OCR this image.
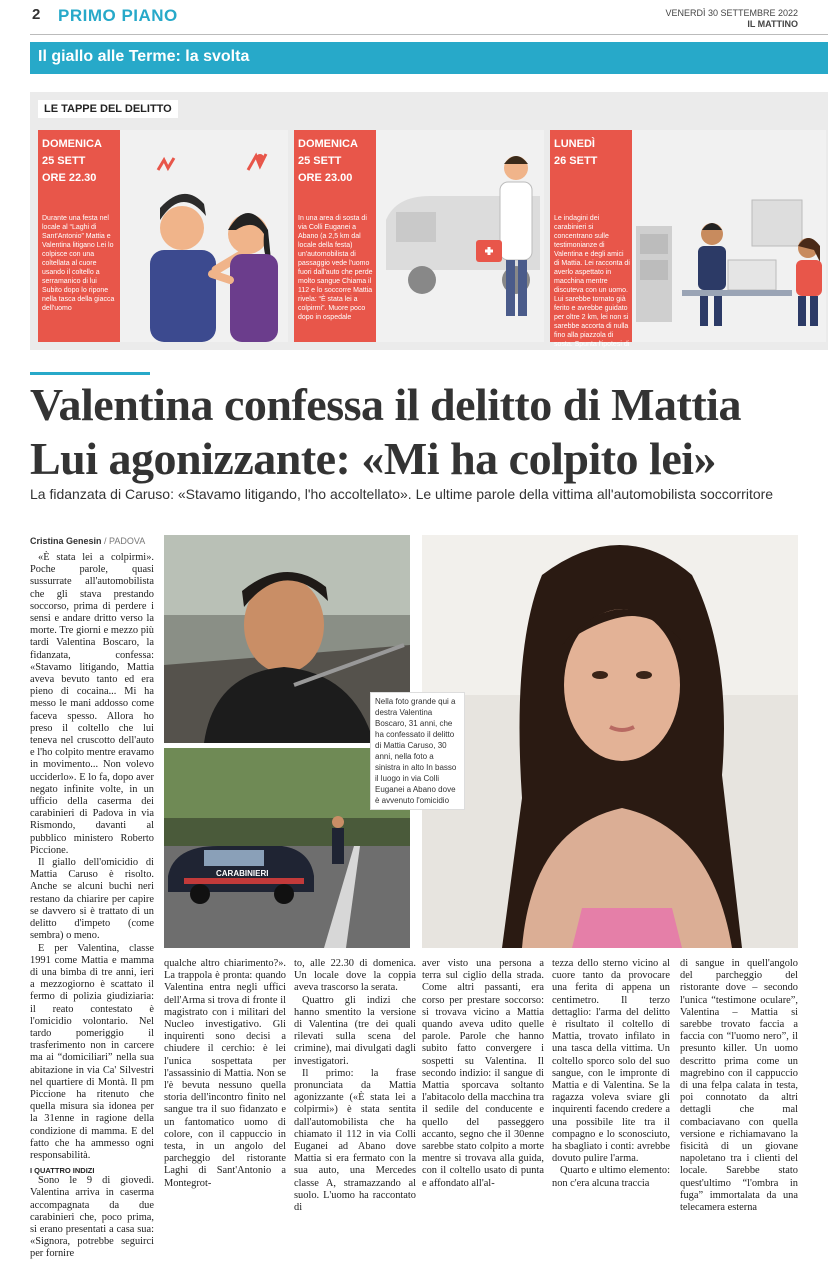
2 PRIMO PIANO	VENERDÌ 30 SETTEMBRE 2022
IL MATTINO
Il giallo alle Terme: la svolta
LE TAPPE DEL DELITTO
DOMENICA
25 SETT
ORE 22.30
Durante una festa nel locale al “Laghi di Sant'Antonio” Mattia e Valentina litigano Lei lo colpisce con una coltellata al cuore usando il coltello a serramanico di lui Subito dopo lo ripone nella tasca della giacca dell'uomo
DOMENICA
25 SETT
ORE 23.00
In una area di sosta di via Colli Euganei a Abano (a 2,5 km dal locale della festa) un'automobilista di passaggio vede l'uomo fuori dall'auto che perde molto sangue Chiama il 112 e lo soccorre Mattia rivela: “È stata lei a colpirmi”. Muore poco dopo in ospedale
LUNEDÌ
26 SETT
Le indagini dei carabinieri si concentrano sulle testimonianze di Valentina e degli amici di Mattia. Lei racconta di averlo aspettato in macchina mentre discuteva con un uomo. Lui sarebbe tornato già ferito e avrebbe guidato per oltre 2 km, lei non si sarebbe accorta di nulla fino alla piazzola di sosta. Spunta l'ipotesi di un uomo incappucciato di carnagione scura
Valentina confessa il delitto di Mattia
Lui agonizzante: «Mi ha colpito lei»
La fidanzata di Caruso: «Stavamo litigando, l'ho accoltellato». Le ultime parole della vittima all'automobilista soccorritore
Cristina Genesin / PADOVA

«È stata lei a colpirmi». Poche parole, quasi sussurrate all'automobilista che gli stava prestando soccorso, prima di perdere i sensi e andare dritto verso la morte. Tre giorni e mezzo più tardi Valentina Boscaro, la fidanzata, confessa: «Stavamo litigando, Mattia aveva bevuto tanto ed era pieno di cocaina... Mi ha messo le mani addosso come faceva spesso. Allora ho preso il coltello che lui teneva nel cruscotto dell'auto e l'ho colpito mentre eravamo in movimento... Non volevo ucciderlo». E lo fa, dopo aver negato infinite volte, in un ufficio della caserma dei carabinieri di Padova in via Rismondo, davanti al pubblico ministero Roberto Piccione.

Il giallo dell'omicidio di Mattia Caruso è risolto. Anche se alcuni buchi neri restano da chiarire per capire se davvero si è trattato di un delitto d'impeto (come sembra) o meno.

E per Valentina, classe 1991 come Mattia e mamma di una bimba di tre anni, ieri a mezzogiorno è scattato il fermo di polizia giudiziaria: il reato contestato è l'omicidio volontario. Nel tardo pomeriggio il trasferimento non in carcere ma ai “domiciliari” nella sua abitazione in via Ca' Silvestri nel quartiere di Montà. Il pm Piccione ha ritenuto che quella misura sia idonea per la 31enne in ragione della condizione di mamma. E del fatto che ha ammesso ogni responsabilità.

I QUATTRO INDIZI

Sono le 9 di giovedì. Valentina arriva in caserma accompagnata da due carabinieri che, poco prima, si erano presentati a casa sua: «Signora, potrebbe seguirci per fornire

CARABINIERI
Nella foto grande qui a destra Valentina Boscaro, 31 anni, che ha confessato il delitto di Mattia Caruso, 30 anni, nella foto a sinistra in alto In basso il luogo in via Colli Euganei a Abano dove è avvenuto l'omicidio

qualche altro chiarimento?». La trappola è pronta: quando Valentina entra negli uffici dell'Arma si trova di fronte il magistrato con i militari del Nucleo investigativo. Gli inquirenti sono decisi a chiudere il cerchio: è lei l'unica sospettata per l'assassinio di Mattia. Non se l'è bevuta nessuno quella storia dell'incontro finito nel sangue tra il suo fidanzato e un fantomatico uomo di colore, con il cappuccio in testa, in un angolo del parcheggio del ristorante Laghi di Sant'Antonio a Montegrot-

to, alle 22.30 di domenica. Un locale dove la coppia aveva trascorso la serata.

Quattro gli indizi che hanno smentito la versione di Valentina (tre dei quali rilevati sulla scena del crimine), mai divulgati dagli investigatori.

Il primo: la frase pronunciata da Mattia agonizzante («È stata lei a colpirmi») è stata sentita dall'automobilista che ha chiamato il 112 in via Colli Euganei ad Abano dove Mattia si era fermato con la sua auto, una Mercedes classe A, stramazzando al suolo. L'uomo ha raccontato di

aver visto una persona a terra sul ciglio della strada. Come altri passanti, era corso per prestare soccorso: si trovava vicino a Mattia quando aveva udito quelle parole. Parole che hanno subito fatto convergere i sospetti su Valentina. Il secondo indizio: il sangue di Mattia sporcava soltanto l'abitacolo della macchina tra il sedile del conducente e quello del passeggero accanto, segno che il 30enne sarebbe stato colpito a morte mentre si trovava alla guida, con il coltello usato di punta e affondato all'al-

tezza dello sterno vicino al cuore tanto da provocare una ferita di appena un centimetro. Il terzo dettaglio: l'arma del delitto è risultato il coltello di Mattia, trovato infilato in una tasca della vittima. Un coltello sporco solo del suo sangue, con le impronte di Mattia e di Valentina. Se la ragazza voleva sviare gli inquirenti facendo credere a una possibile lite tra il compagno e lo sconosciuto, ha sbagliato i conti: avrebbe dovuto pulire l'arma.

Quarto e ultimo elemento: non c'era alcuna traccia

di sangue in quell'angolo del parcheggio del ristorante dove – secondo l'unica “testimone oculare”, Valentina – Mattia si sarebbe trovato faccia a faccia con “l'uomo nero”, il presunto killer. Un uomo descritto prima come un magrebino con il cappuccio di una felpa calata in testa, poi connotato da altri dettagli che mal combaciavano con quella versione e richiamavano la fisicità di un giovane napoletano tra i clienti del locale. Sarebbe stato quest'ultimo “l'ombra in fuga” immortalata da una telecamera esterna
